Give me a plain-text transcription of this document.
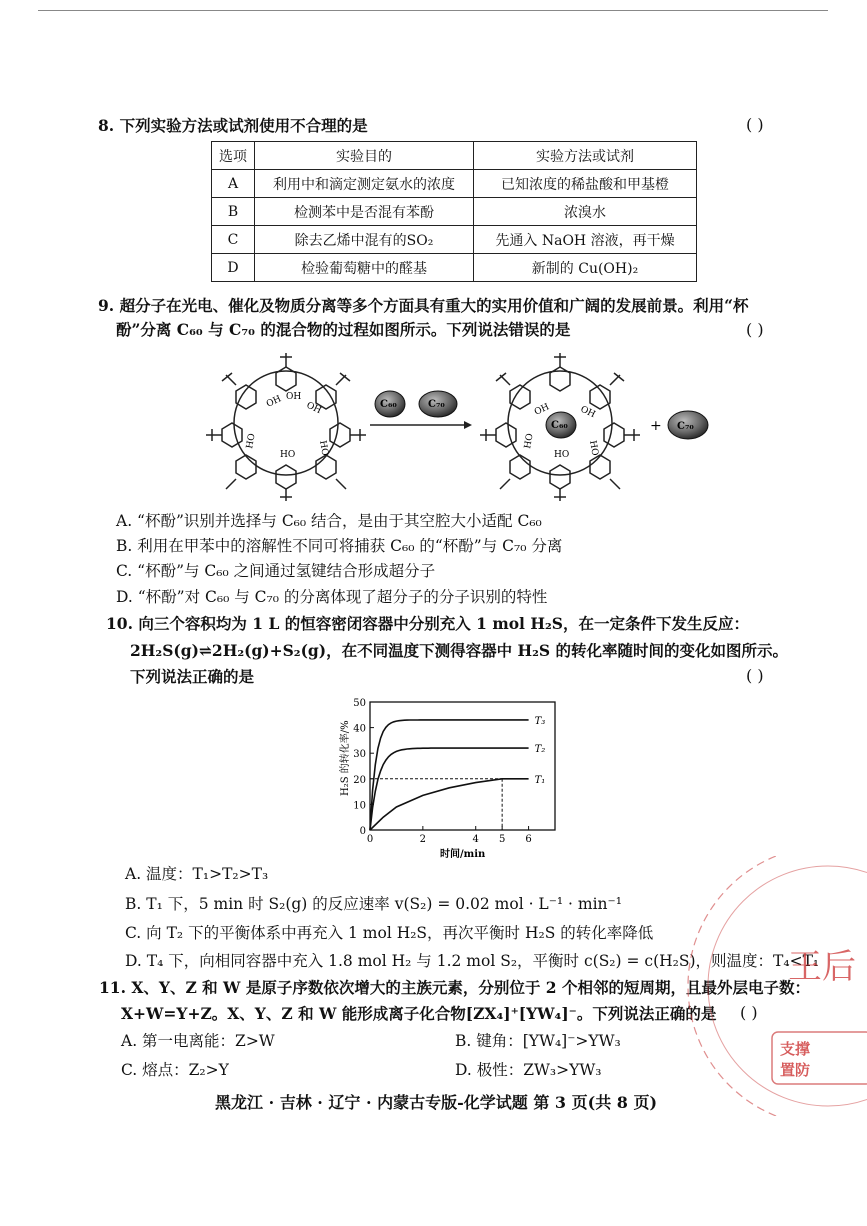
8. 下列实验方法或试剂使用不合理的是	( )
选项	实验目的	实验方法或试剂
A	利用中和滴定测定氨水的浓度	已知浓度的稀盐酸和甲基橙
B	检测苯中是否混有苯酚	浓溴水
C	除去乙烯中混有的SO₂	先通入 NaOH 溶液，再干燥
D	检验葡萄糖中的醛基	新制的 Cu(OH)₂
9. 超分子在光电、催化及物质分离等多个方面具有重大的实用价值和广阔的发展前景。利用“杯
酚”分离 C₆₀ 与 C₇₀ 的混合物的过程如图所示。下列说法错误的是	( )
OH OH
OH
HO
HO HO
C₆₀	C₇₀	OH	OH
HO
HO HO
C₆₀	+ C₇₀
A. “杯酚”识别并选择与 C₆₀ 结合，是由于其空腔大小适配 C₆₀
B. 利用在甲苯中的溶解性不同可将捕获 C₆₀ 的“杯酚”与 C₇₀ 分离
C. “杯酚”与 C₆₀ 之间通过氢键结合形成超分子
D. “杯酚”对 C₆₀ 与 C₇₀ 的分离体现了超分子的分子识别的特性
10. 向三个容积均为 1 L 的恒容密闭容器中分别充入 1 mol H₂S，在一定条件下发生反应：
2H₂S(g)⇌2H₂(g)+S₂(g)，在不同温度下测得容器中 H₂S 的转化率随时间的变化如图所示。
下列说法正确的是	( )
0
10
20
30
40
50
0	2	4 5 6
T₃
T₂
T₁
H₂S 的转化率/%
时间/min
A. 温度：T₁>T₂>T₃
B. T₁ 下，5 min 时 S₂(g) 的反应速率 v(S₂) = 0.02 mol · L⁻¹ · min⁻¹
C. 向 T₂ 下的平衡体系中再充入 1 mol H₂S，再次平衡时 H₂S 的转化率降低
D. T₄ 下，向相同容器中充入 1.8 mol H₂ 与 1.2 mol S₂，平衡时 c(S₂) = c(H₂S)，则温度：T₄<T₁
11. X、Y、Z 和 W 是原子序数依次增大的主族元素，分别位于 2 个相邻的短周期，且最外层电子数：
X+W=Y+Z。X、Y、Z 和 W 能形成离子化合物[ZX₄]⁺[YW₄]⁻。下列说法正确的是 ( )
A. 第一电离能：Z>W	B. 键角：[YW₄]⁻>YW₃
C. 熔点：Z₂>Y	D. 极性：ZW₃>YW₃
黑龙江 · 吉林 · 辽宁 · 内蒙古专版-化学试题 第 3 页(共 8 页)
王后
支撑
置防
